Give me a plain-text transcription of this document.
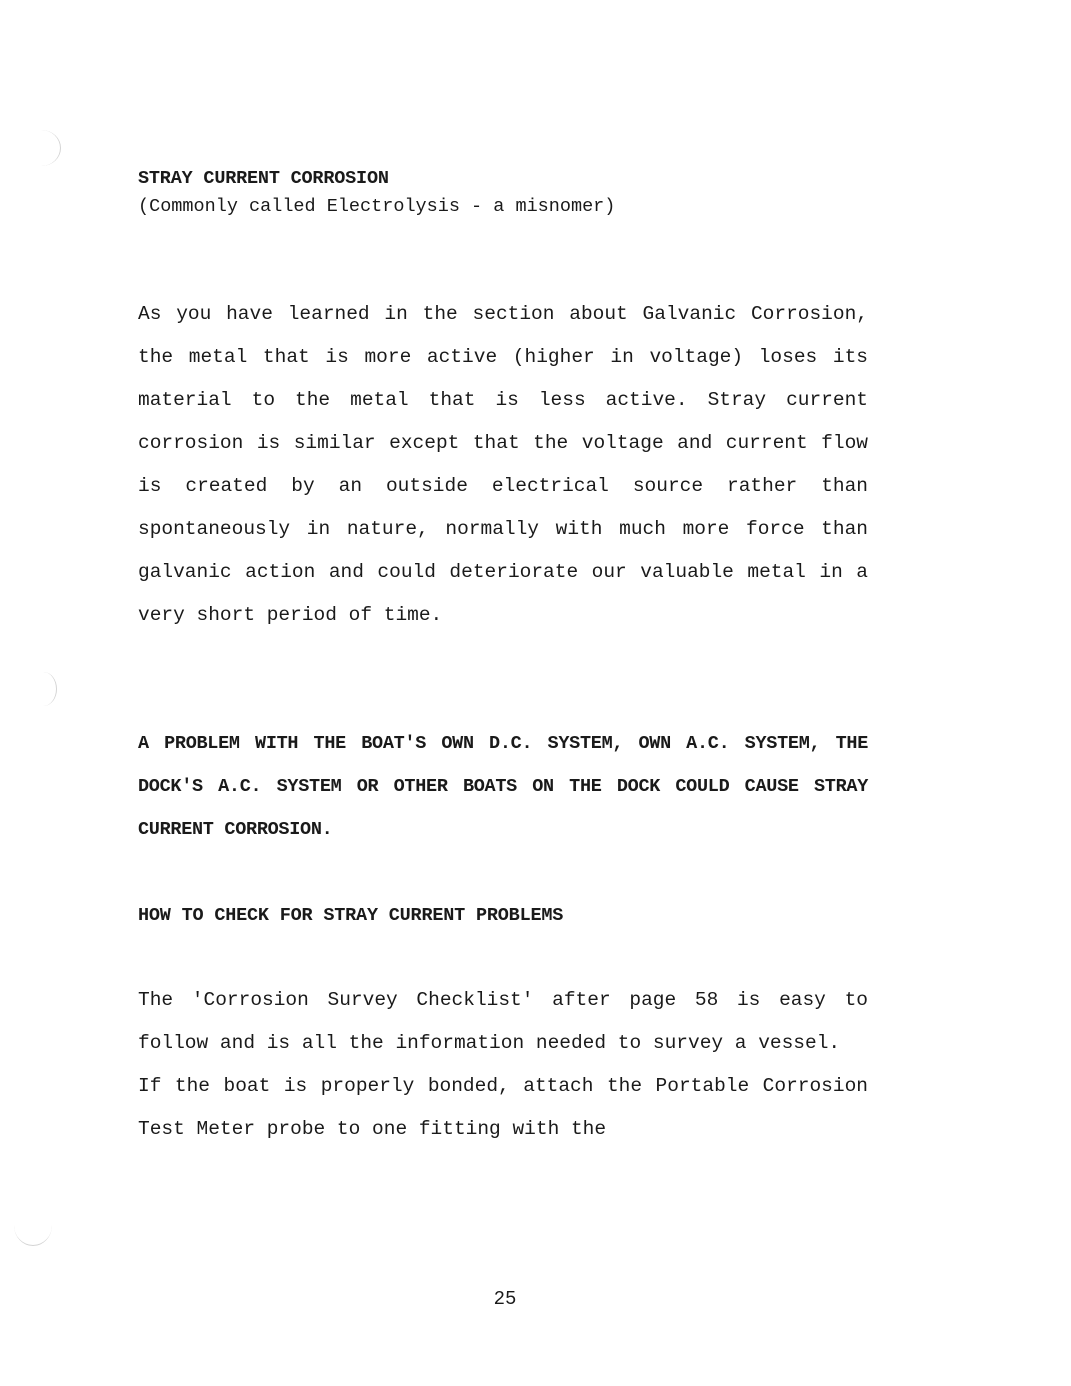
STRAY CURRENT CORROSION

(Commonly called Electrolysis - a misnomer)

As you have learned in the section about Galvanic Corrosion, the metal that is more active (higher in voltage) loses its material to the metal that is less active. Stray current corrosion is similar except that the voltage and current flow is created by an outside electrical source rather than spontaneously in nature, normally with much more force than galvanic action and could deteriorate our valuable metal in a very short period of time.

A PROBLEM WITH THE BOAT'S OWN D.C. SYSTEM, OWN A.C. SYSTEM, THE DOCK'S A.C. SYSTEM OR OTHER BOATS ON THE DOCK COULD CAUSE STRAY CURRENT CORROSION.

HOW TO CHECK FOR STRAY CURRENT PROBLEMS

The 'Corrosion Survey Checklist' after page 58 is easy to follow and is all the information needed to survey a vessel.

If the boat is properly bonded, attach the Portable Corrosion Test Meter probe to one fitting with the

25
